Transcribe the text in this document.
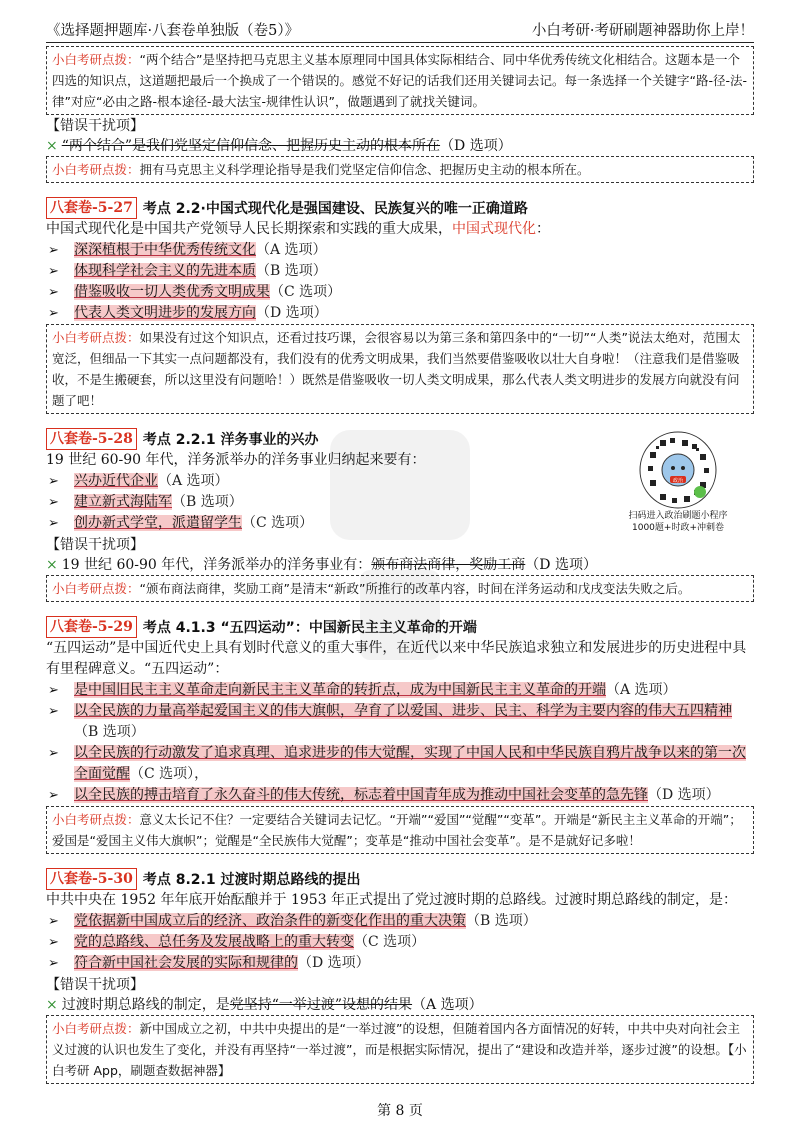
《选择题押题库·八套卷单独版（卷5）》	小白考研·考研刷题神器助你上岸！
小白考研点拨：“两个结合”是坚持把马克思主义基本原理同中国具体实际相结合、同中华优秀传统文化相结合。这题本是一个四选的知识点，这道题把最后一个换成了一个错误的。感觉不好记的话我们还用关键词去记。每一条选择一个关键字“路-径-法-律”对应“必由之路-根本途径-最大法宝-规律性认识”，做题遇到了就找关键词。
【错误干扰项】
× “两个结合”是我们党坚定信仰信念、把握历史主动的根本所在（D 选项）
小白考研点拨：拥有马克思主义科学理论指导是我们党坚定信仰信念、把握历史主动的根本所在。
八套卷-5-27 考点 2.2·中国式现代化是强国建设、民族复兴的唯一正确道路
中国式现代化是中国共产党领导人民长期探索和实践的重大成果，中国式现代化：
➢ 深深植根于中华优秀传统文化（A 选项）
➢ 体现科学社会主义的先进本质（B 选项）
➢ 借鉴吸收一切人类优秀文明成果（C 选项）
➢ 代表人类文明进步的发展方向（D 选项）
小白考研点拨：如果没有过这个知识点，还看过技巧课，会很容易以为第三条和第四条中的“一切”“人类”说法太绝对，范围太宽泛，但细品一下其实一点问题都没有，我们没有的优秀文明成果，我们当然要借鉴吸收以壮大自身啦！（注意我们是借鉴吸收，不是生搬硬套，所以这里没有问题哈！）既然是借鉴吸收一切人类文明成果，那么代表人类文明进步的发展方向就没有问题了吧！
八套卷-5-28 考点 2.2.1 洋务事业的兴办
19 世纪 60-90 年代，洋务派举办的洋务事业归纳起来要有：
➢ 兴办近代企业（A 选项）
➢ 建立新式海陆军（B 选项）
➢ 创办新式学堂，派遣留学生（C 选项）
【错误干扰项】
× 19 世纪 60-90 年代，洋务派举办的洋务事业有：颁布商法商律，奖励工商（D 选项）
小白考研点拨：“颁布商法商律，奖励工商”是清末“新政”所推行的改革内容，时间在洋务运动和戊戌变法失败之后。
八套卷-5-29 考点 4.1.3 “五四运动”：中国新民主主义革命的开端
“五四运动”是中国近代史上具有划时代意义的重大事件，在近代以来中华民族追求独立和发展进步的历史进程中具有里程碑意义。“五四运动”：
➢ 是中国旧民主主义革命走向新民主主义革命的转折点，成为中国新民主主义革命的开端（A 选项）
➢ 以全民族的力量高举起爱国主义的伟大旗帜，孕育了以爱国、进步、民主、科学为主要内容的伟大五四精神（B 选项）
➢ 以全民族的行动激发了追求真理、追求进步的伟大觉醒，实现了中国人民和中华民族自鸦片战争以来的第一次全面觉醒（C 选项），
➢ 以全民族的搏击培育了永久奋斗的伟大传统，标志着中国青年成为推动中国社会变革的急先锋（D 选项）
小白考研点拨：意义太长记不住？一定要结合关键词去记忆。“开端”“爱国”“觉醒”“变革”。开端是“新民主主义革命的开端”；爱国是“爱国主义伟大旗帜”；觉醒是“全民族伟大觉醒”；变革是“推动中国社会变革”。是不是就好记多啦！
八套卷-5-30 考点 8.2.1 过渡时期总路线的提出
中共中央在 1952 年年底开始酝酿并于 1953 年正式提出了党过渡时期的总路线。过渡时期总路线的制定，是：
➢ 党依据新中国成立后的经济、政治条件的新变化作出的重大决策（B 选项）
➢ 党的总路线、总任务及发展战略上的重大转变（C 选项）
➢ 符合新中国社会发展的实际和规律的（D 选项）
【错误干扰项】
× 过渡时期总路线的制定，是党坚持“一举过渡”设想的结果（A 选项）
小白考研点拨：新中国成立之初，中共中央提出的是“一举过渡”的设想，但随着国内各方面情况的好转，中共中央对向社会主义过渡的认识也发生了变化，并没有再坚持“一举过渡”，而是根据实际情况，提出了“建设和改造并举，逐步过渡”的设想。【小白考研 App，刷题查数据神器】
政治
扫码进入政治刷题小程序 1000题+时政+冲刺卷
第 8 页
